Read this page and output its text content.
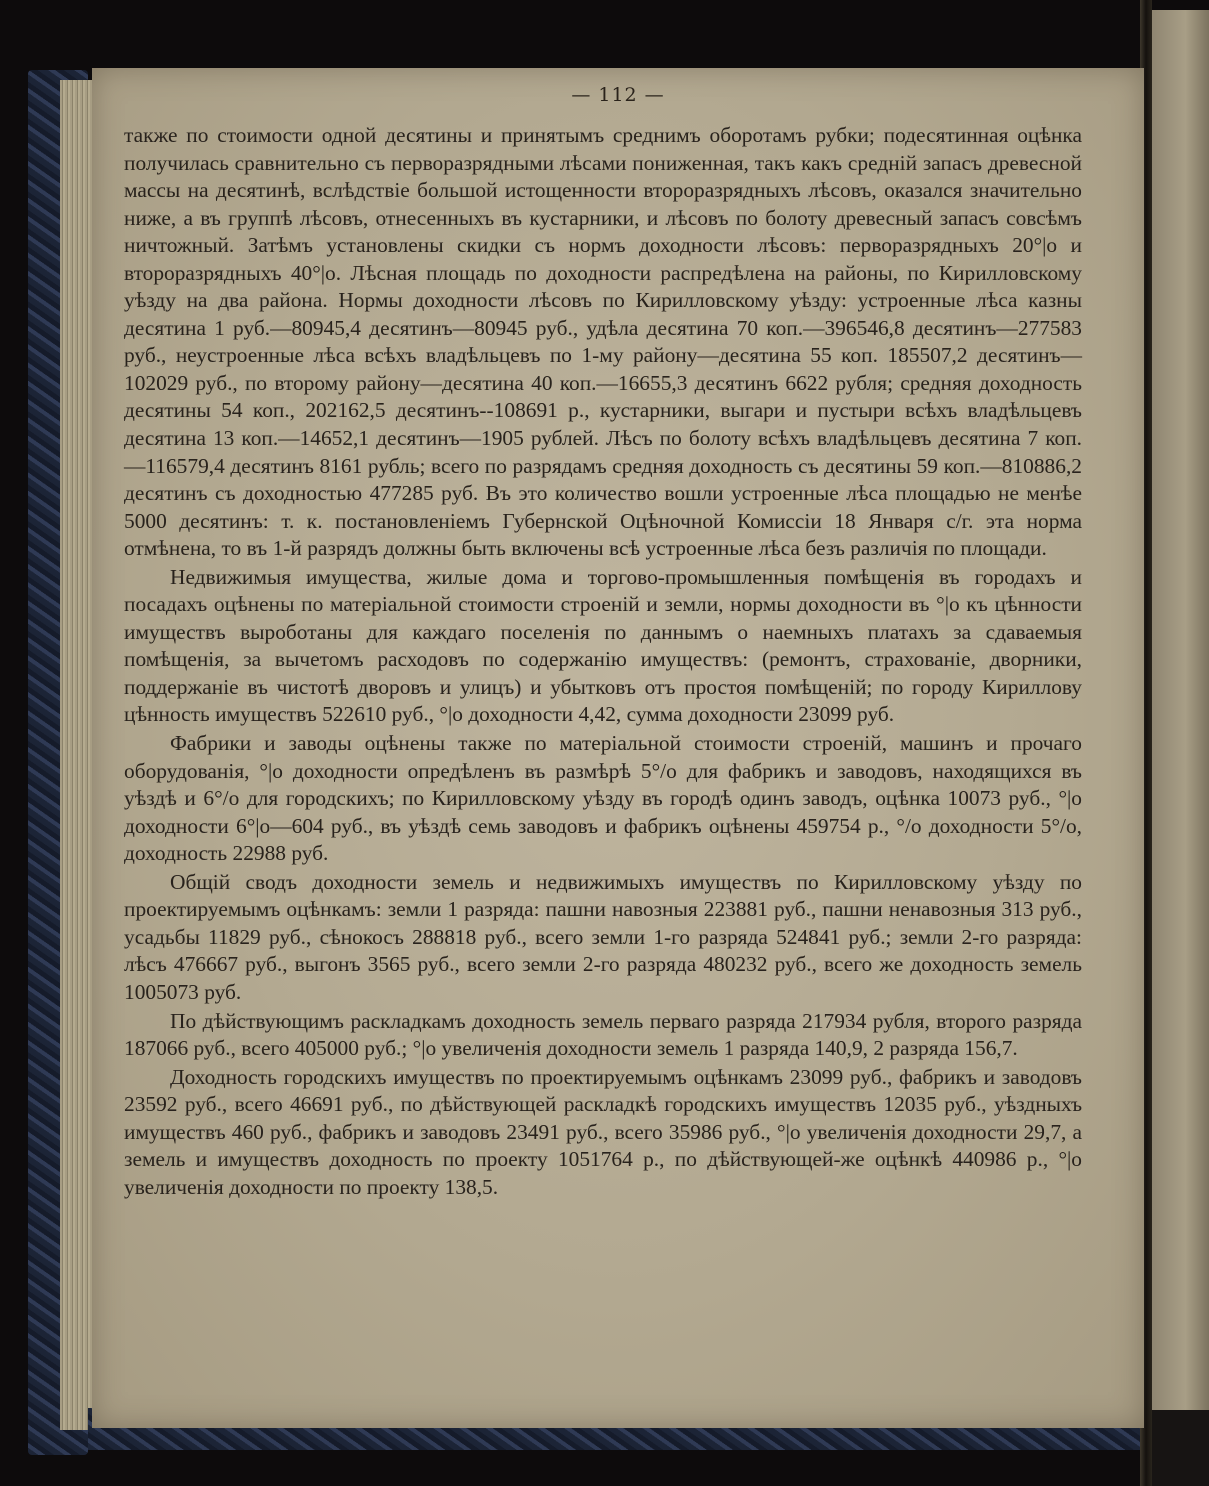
— 112 —

также по стоимости одной десятины и принятымъ среднимъ оборотамъ рубки; подесятинная оцѣнка получилась сравнительно съ перворазрядными лѣсами пониженная, такъ какъ средній запасъ древесной массы на десятинѣ, вслѣдствіе большой истощенности второразрядныхъ лѣсовъ, оказался значительно ниже, а въ группѣ лѣсовъ, отнесенныхъ въ кустарники, и лѣсовъ по болоту древесный запасъ совсѣмъ ничтожный. Затѣмъ установлены скидки съ нормъ доходности лѣсовъ: перворазрядныхъ 20°|о и второразрядныхъ 40°|о. Лѣсная площадь по доходности распредѣлена на районы, по Кирилловскому уѣзду на два района. Нормы доходности лѣсовъ по Кирилловскому уѣзду: устроенные лѣса казны десятина 1 руб.—80945,4 десятинъ—80945 руб., удѣла десятина 70 коп.—396546,8 десятинъ—277583 руб., неустроенные лѣса всѣхъ владѣльцевъ по 1-му району—десятина 55 коп. 185507,2 десятинъ—102029 руб., по второму району—десятина 40 коп.—16655,3 десятинъ 6622 рубля; средняя доходность десятины 54 коп., 202162,5 десятинъ--108691 р., кустарники, выгари и пустыри всѣхъ владѣльцевъ десятина 13 коп.—14652,1 десятинъ—1905 рублей. Лѣсъ по болоту всѣхъ владѣльцевъ десятина 7 коп.—116579,4 десятинъ 8161 рубль; всего по разрядамъ средняя доходность съ десятины 59 коп.—810886,2 десятинъ съ доходностью 477285 руб. Въ это количество вошли устроенные лѣса площадью не менѣе 5000 десятинъ: т. к. постановленіемъ Губернской Оцѣночной Комиссіи 18 Января с/г. эта норма отмѣнена, то въ 1-й разрядъ должны быть включены всѣ устроенные лѣса безъ различія по площади.

Недвижимыя имущества, жилые дома и торгово-промышленныя помѣщенія въ городахъ и посадахъ оцѣнены по матеріальной стоимости строеній и земли, нормы доходности въ °|о къ цѣнности имуществъ выроботаны для каждаго поселенія по даннымъ о наемныхъ платахъ за сдаваемыя помѣщенія, за вычетомъ расходовъ по содержанію имуществъ: (ремонтъ, страхованіе, дворники, поддержаніе въ чистотѣ дворовъ и улицъ) и убытковъ отъ простоя помѣщеній; по городу Кириллову цѣнность имуществъ 522610 руб., °|о доходности 4,42, сумма доходности 23099 руб.

Фабрики и заводы оцѣнены также по матеріальной стоимости строеній, машинъ и прочаго оборудованія, °|о доходности опредѣленъ въ размѣрѣ 5°/о для фабрикъ и заводовъ, находящихся въ уѣздѣ и 6°/о для городскихъ; по Кирилловскому уѣзду въ городѣ одинъ заводъ, оцѣнка 10073 руб., °|о доходности 6°|о—604 руб., въ уѣздѣ семь заводовъ и фабрикъ оцѣнены 459754 р., °/о доходности 5°/о, доходность 22988 руб.

Общій сводъ доходности земель и недвижимыхъ имуществъ по Кирилловскому уѣзду по проектируемымъ оцѣнкамъ: земли 1 разряда: пашни навозныя 223881 руб., пашни ненавозныя 313 руб., усадьбы 11829 руб., сѣнокосъ 288818 руб., всего земли 1-го разряда 524841 руб.; земли 2-го разряда: лѣсъ 476667 руб., выгонъ 3565 руб., всего земли 2-го разряда 480232 руб., всего же доходность земель 1005073 руб.

По дѣйствующимъ раскладкамъ доходность земель перваго разряда 217934 рубля, второго разряда 187066 руб., всего 405000 руб.; °|о увеличенія доходности земель 1 разряда 140,9, 2 разряда 156,7.

Доходность городскихъ имуществъ по проектируемымъ оцѣнкамъ 23099 руб., фабрикъ и заводовъ 23592 руб., всего 46691 руб., по дѣйствующей раскладкѣ городскихъ имуществъ 12035 руб., уѣздныхъ имуществъ 460 руб., фабрикъ и заводовъ 23491 руб., всего 35986 руб., °|о увеличенія доходности 29,7, а земель и имуществъ доходность по проекту 1051764 р., по дѣйствующей-же оцѣнкѣ 440986 р., °|о увеличенія доходности по проекту 138,5.
